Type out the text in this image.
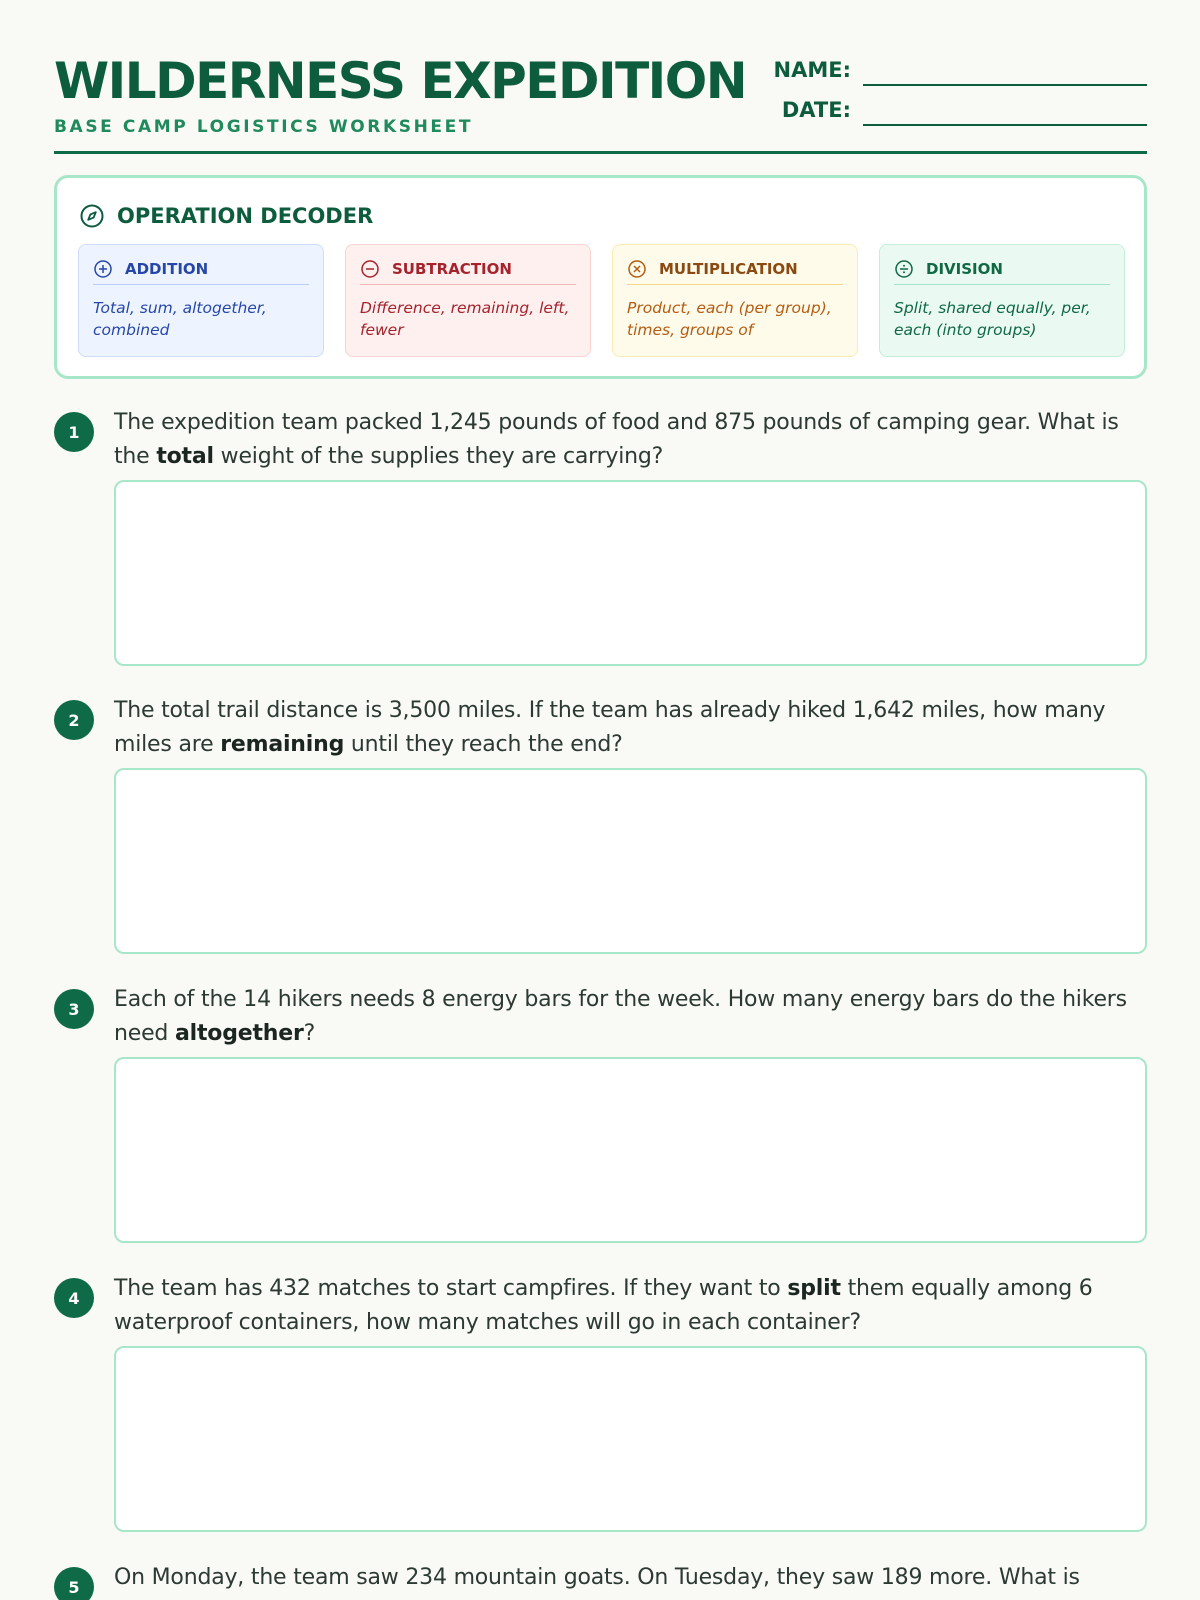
WILDERNESS EXPEDITION
BASE CAMP LOGISTICS WORKSHEET
NAME:
DATE:
OPERATION DECODER
ADDITION
Total, sum, altogether, combined
SUBTRACTION
Difference, remaining, left, fewer
MULTIPLICATION
Product, each (per group), times, groups of
DIVISION
Split, shared equally, per, each (into groups)
1	The expedition team packed 1,245 pounds of food and 875 pounds of camping gear. What is the total weight of the supplies they are carrying?
2	The total trail distance is 3,500 miles. If the team has already hiked 1,642 miles, how many miles are remaining until they reach the end?
3	Each of the 14 hikers needs 8 energy bars for the week. How many energy bars do the hikers need altogether?
4	The team has 432 matches to start campfires. If they want to split them equally among 6 waterproof containers, how many matches will go in each container?
5	On Monday, the team saw 234 mountain goats. On Tuesday, they saw 189 more. What is
